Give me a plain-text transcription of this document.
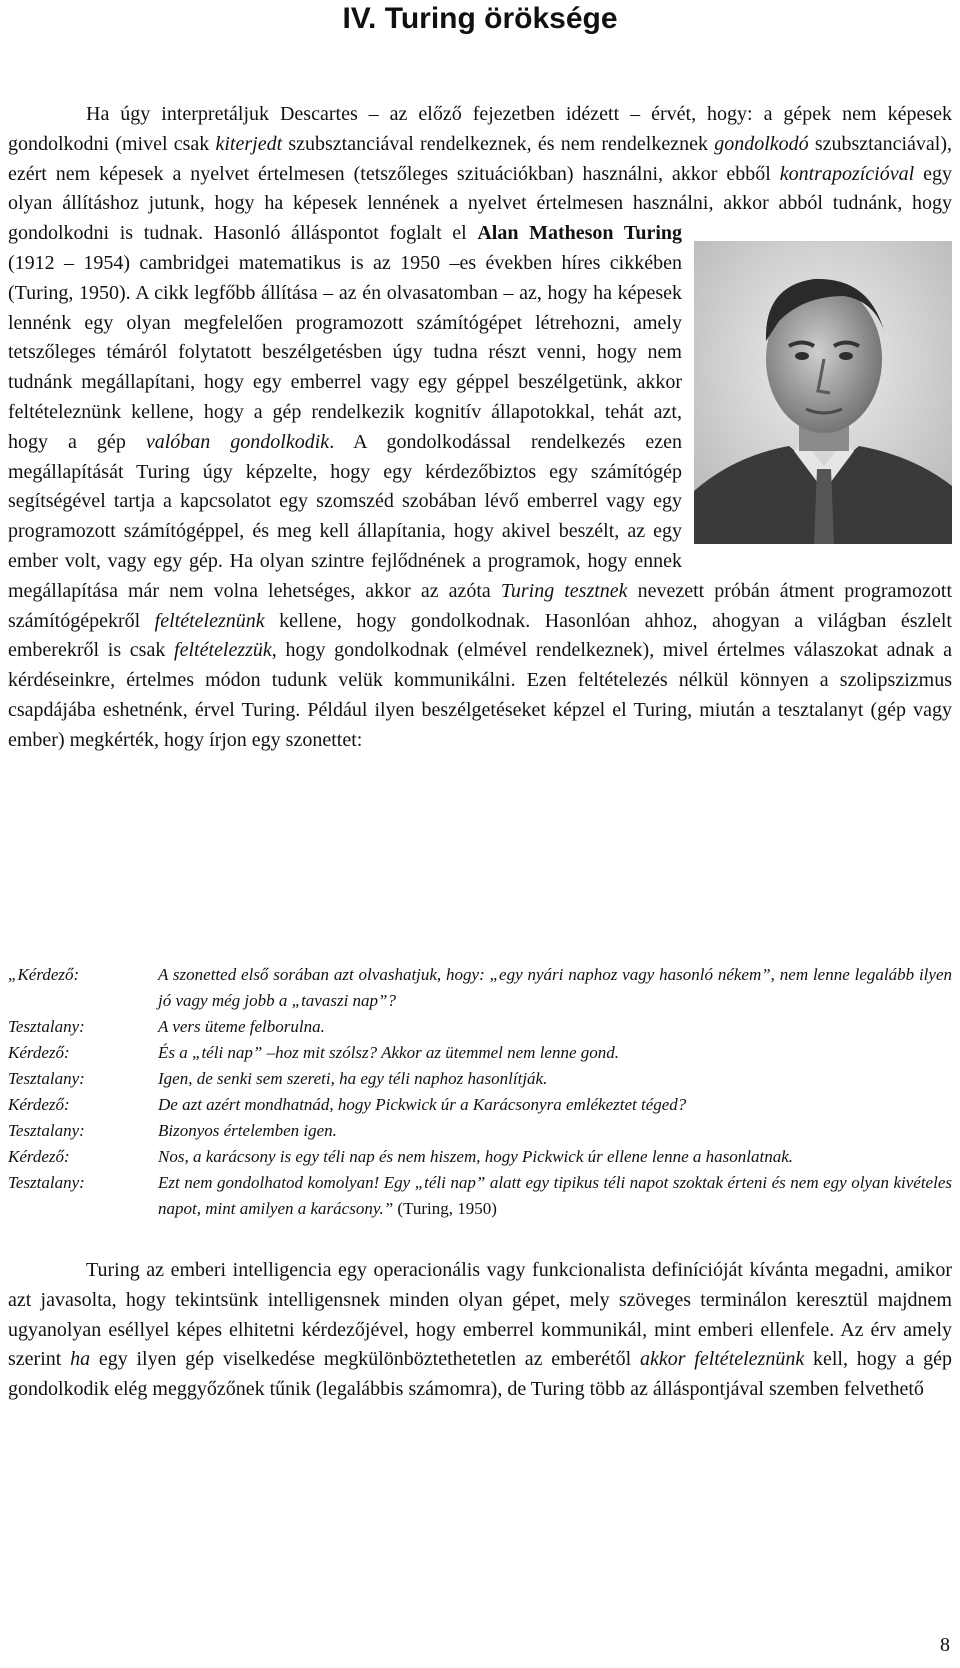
IV. Turing öröksége

Ha úgy interpretáljuk Descartes – az előző fejezetben idézett – érvét, hogy: a gépek nem képesek gondolkodni (mivel csak kiterjedt szubsztanciával rendelkeznek, és nem rendelkeznek gondolkodó szubsztanciával), ezért nem képesek a nyelvet értelmesen (tetszőleges szituációkban) használni, akkor ebből kontrapozícióval egy olyan állításhoz jutunk, hogy ha képesek lennének a nyelvet értelmesen használni, akkor abból tudnánk, hogy gondolkodni is tudnak. Hasonló álláspontot foglalt el Alan Matheson Turing
(1912 – 1954) cambridgei matematikus is az 1950 –es években híres cikkében (Turing, 1950). A cikk legfőbb állítása – az én olvasatomban – az, hogy ha képesek lennénk egy olyan megfelelően programozott számítógépet létrehozni, amely tetszőleges témáról folytatott beszélgetésben úgy tudna részt venni, hogy nem tudnánk megállapítani, hogy egy emberrel vagy egy géppel beszélgetünk, akkor feltételeznünk kellene, hogy a gép rendelkezik kognitív állapotokkal, tehát azt, hogy a gép valóban gondolkodik. A gondolkodással rendelkezés ezen megállapítását Turing úgy képzelte, hogy egy kérdezőbiztos egy számítógép segítségével tartja a kapcsolatot egy szomszéd szobában lévő emberrel vagy egy programozott számítógéppel, és meg kell állapítania, hogy akivel beszélt, az egy ember volt, vagy egy gép. Ha olyan szintre fejlődnének a programok, hogy ennek megállapítása már nem volna lehetséges, akkor az azóta Turing tesztnek nevezett próbán átment programozott számítógépekről feltételeznünk kellene, hogy gondolkodnak. Hasonlóan ahhoz, ahogyan a világban észlelt emberekről is csak feltételezzük, hogy gondolkodnak (elmével rendelkeznek), mivel értelmes válaszokat adnak a kérdéseinkre, értelmes módon tudunk velük kommunikálni. Ezen feltételezés nélkül könnyen a szolipszizmus csapdájába eshetnénk, érvel Turing. Például ilyen beszélgetéseket képzel el Turing, miután a tesztalanyt (gép vagy ember) megkérték, hogy írjon egy szonettet:

„Kérdező:	A szonetted első sorában azt olvashatjuk, hogy: „egy nyári naphoz vagy hasonló nékem”, nem lenne legalább ilyen jó vagy még jobb a „tavaszi nap”?
Tesztalany:	A vers üteme felborulna.
Kérdező:	És a „téli nap” –hoz mit szólsz? Akkor az ütemmel nem lenne gond.
Tesztalany:	Igen, de senki sem szereti, ha egy téli naphoz hasonlítják.
Kérdező:	De azt azért mondhatnád, hogy Pickwick úr a Karácsonyra emlékeztet téged?
Tesztalany:	Bizonyos értelemben igen.
Kérdező:	Nos, a karácsony is egy téli nap és nem hiszem, hogy Pickwick úr ellene lenne a hasonlatnak.
Tesztalany:	Ezt nem gondolhatod komolyan! Egy „téli nap” alatt egy tipikus téli napot szoktak érteni és nem egy olyan kivételes napot, mint amilyen a karácsony.” (Turing, 1950)

Turing az emberi intelligencia egy operacionális vagy funkcionalista definícióját kívánta megadni, amikor azt javasolta, hogy tekintsünk intelligensnek minden olyan gépet, mely szöveges terminálon keresztül majdnem ugyanolyan eséllyel képes elhitetni kérdezőjével, hogy emberrel kommunikál, mint emberi ellenfele. Az érv amely szerint ha egy ilyen gép viselkedése megkülönböztethetetlen az emberétől akkor feltételeznünk kell, hogy a gép gondolkodik elég meggyőzőnek tűnik (legalábbis számomra), de Turing több az álláspontjával szemben felvethető

8
